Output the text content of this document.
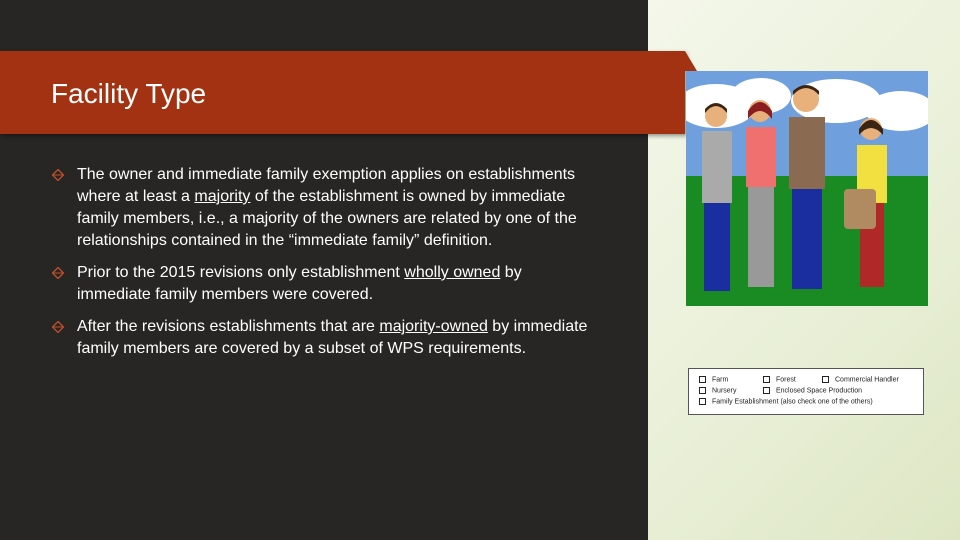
Facility Type
The owner and immediate family exemption applies on establishments where at least a majority of the establishment is owned by immediate family members, i.e., a majority of the owners are related by one of the relationships contained in the “immediate family” definition.
Prior to the 2015 revisions only establishment wholly owned by immediate family members were covered.
After the revisions establishments that are majority-owned by immediate family members are covered by a subset of WPS requirements.
Farm	Forest	Commercial Handler
Nursery	Enclosed Space Production
Family Establishment (also check one of the others)
